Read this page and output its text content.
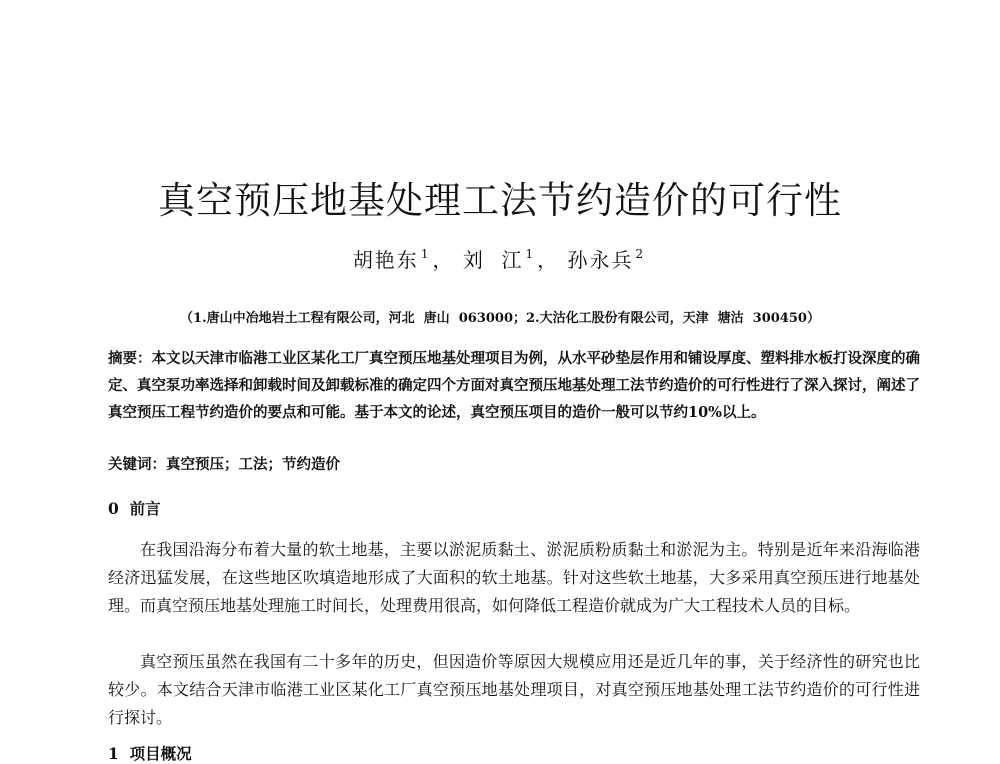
真空预压地基处理工法节约造价的可行性
胡艳东 $^1$ ， 刘  江 $^1$ ， 孙永兵 $^2$
（1.唐山中冶地岩土工程有限公司，河北  唐山  063000；2.大沽化工股份有限公司，天津  塘沽  300450）
摘要：本文以天津市临港工业区某化工厂真空预压地基处理项目为例，从水平砂垫层作用和铺设厚度、塑料排水板打设深度的确定、真空泵功率选择和卸载时间及卸载标准的确定四个方面对真空预压地基处理工法节约造价的可行性进行了深入探讨，阐述了真空预压工程节约造价的要点和可能。基于本文的论述，真空预压项目的造价一般可以节约10%以上。
关键词：真空预压；工法；节约造价
0  前言
在我国沿海分布着大量的软土地基，主要以淤泥质黏土、淤泥质粉质黏土和淤泥为主。特别是近年来沿海临港经济迅猛发展，在这些地区吹填造地形成了大面积的软土地基。针对这些软土地基，大多采用真空预压进行地基处理。而真空预压地基处理施工时间长，处理费用很高，如何降低工程造价就成为广大工程技术人员的目标。
真空预压虽然在我国有二十多年的历史，但因造价等原因大规模应用还是近几年的事，关于经济性的研究也比较少。本文结合天津市临港工业区某化工厂真空预压地基处理项目，对真空预压地基处理工法节约造价的可行性进行探讨。
1  项目概况
